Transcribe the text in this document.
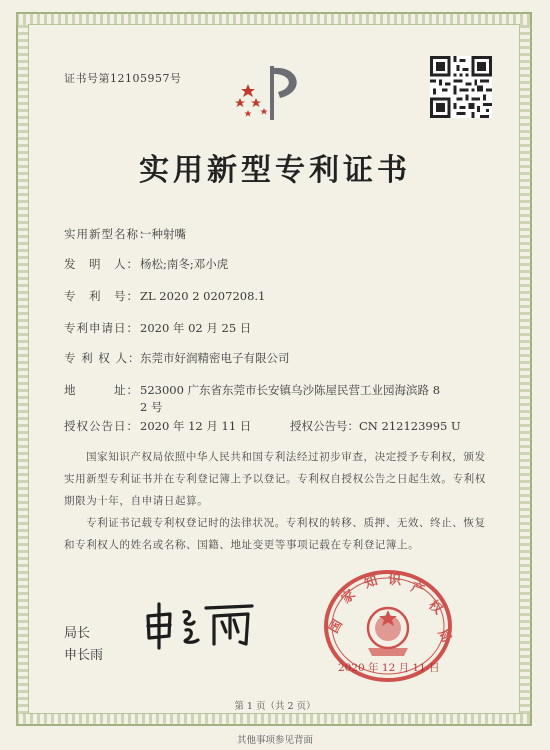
证书号第12105957号
实用新型专利证书
实用新型名称：一种射嘴
发　明　人：杨松;南冬;邓小虎
专　利　号：ZL 2020 2 0207208.1
专利申请日：2020 年 02 月 25 日
专 利 权 人：东莞市好润精密电子有限公司
地　　　址：523000 广东省东莞市长安镇乌沙陈屋民营工业园海滨路 8
2 号
授权公告日：2020 年 12 月 11 日	授权公告号：CN 212123995 U
国家知识产权局依照中华人民共和国专利法经过初步审查，决定授予专利权，颁发实用新型专利证书并在专利登记簿上予以登记。专利权自授权公告之日起生效。专利权期限为十年，自申请日起算。
专利证书记载专利权登记时的法律状况。专利权的转移、质押、无效、终止、恢复和专利权人的姓名或名称、国籍、地址变更等事项记载在专利登记簿上。
局长
申长雨
国
家
知 识 产
权
局
2020 年 12 月 11 日
第 1 页（共 2 页）
其他事项参见背面
